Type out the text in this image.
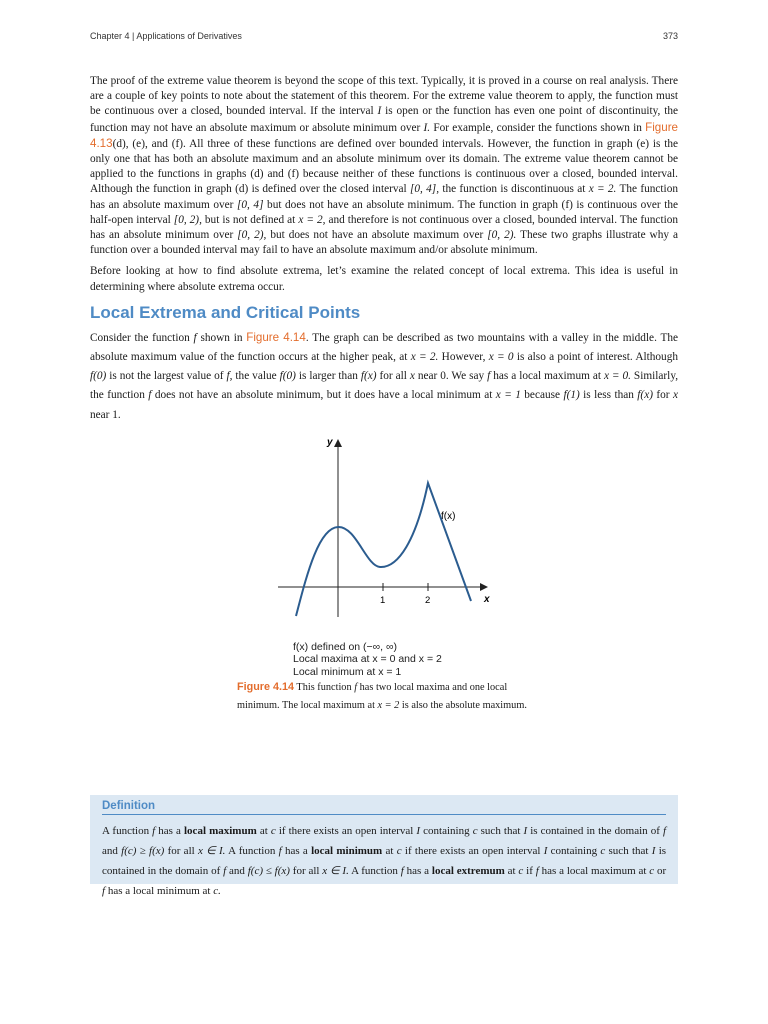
Chapter 4 | Applications of Derivatives	373

The proof of the extreme value theorem is beyond the scope of this text. Typically, it is proved in a course on real analysis. There are a couple of key points to note about the statement of this theorem. For the extreme value theorem to apply, the function must be continuous over a closed, bounded interval. If the interval I is open or the function has even one point of discontinuity, the function may not have an absolute maximum or absolute minimum over I. For example, consider the functions shown in Figure 4.13(d), (e), and (f). All three of these functions are defined over bounded intervals. However, the function in graph (e) is the only one that has both an absolute maximum and an absolute minimum over its domain. The extreme value theorem cannot be applied to the functions in graphs (d) and (f) because neither of these functions is continuous over a closed, bounded interval. Although the function in graph (d) is defined over the closed interval [0, 4], the function is discontinuous at x = 2. The function has an absolute maximum over [0, 4] but does not have an absolute minimum. The function in graph (f) is continuous over the half-open interval [0, 2), but is not defined at x = 2, and therefore is not continuous over a closed, bounded interval. The function has an absolute minimum over [0, 2), but does not have an absolute maximum over [0, 2). These two graphs illustrate why a function over a bounded interval may fail to have an absolute maximum and/or absolute minimum.

Before looking at how to find absolute extrema, let’s examine the related concept of local extrema. This idea is useful in determining where absolute extrema occur.

Local Extrema and Critical Points

Consider the function f shown in Figure 4.14. The graph can be described as two mountains with a valley in the middle. The absolute maximum value of the function occurs at the higher peak, at x = 2. However, x = 0 is also a point of interest. Although f(0) is not the largest value of f, the value f(0) is larger than f(x) for all x near 0. We say f has a local maximum at x = 0. Similarly, the function f does not have an absolute minimum, but it does have a local minimum at x = 1 because f(1) is less than f(x) for x near 1.

x
y
1	2
f(x)
f(x) defined on (−∞, ∞)
Local maxima at x = 0 and x = 2
Local minimum at x = 1
Figure 4.14 This function f has two local maxima and one local minimum. The local maximum at x = 2 is also the absolute maximum.
Definition
A function f has a local maximum at c if there exists an open interval I containing c such that I is contained in the domain of f and f(c) ≥ f(x) for all x ∈ I. A function f has a local minimum at c if there exists an open interval I containing c such that I is contained in the domain of f and f(c) ≤ f(x) for all x ∈ I. A function f has a local extremum at c if f has a local maximum at c or f has a local minimum at c.
